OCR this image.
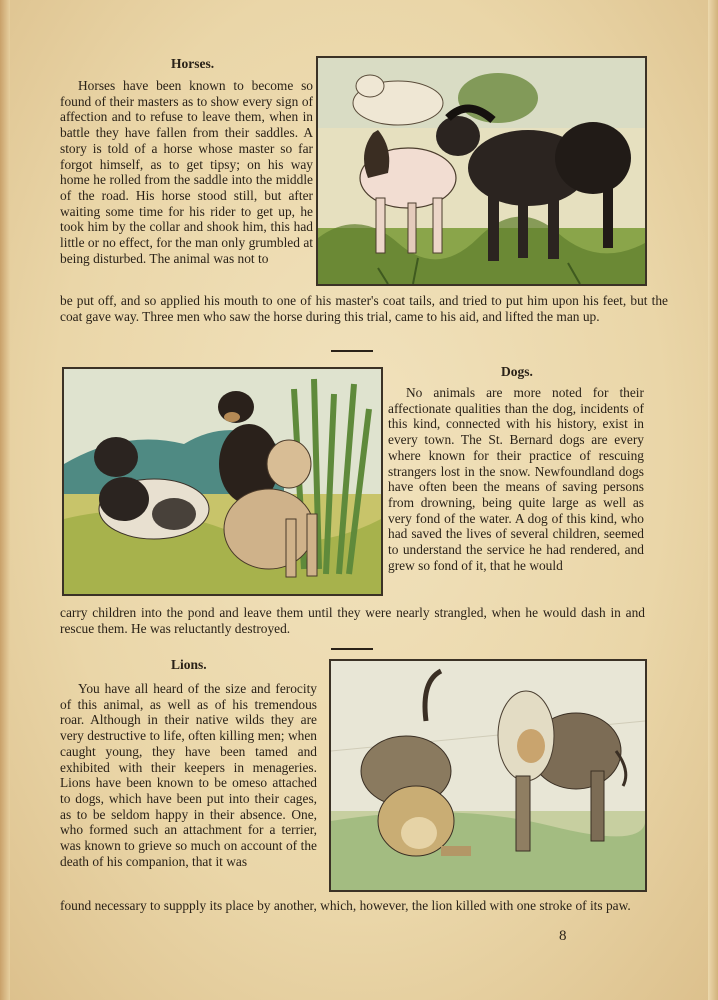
Horses.

Horses have been known to become so found of their masters as to show every sign of affection and to refuse to leave them, when in battle they have fallen from their saddles. A story is told of a horse whose master so far forgot himself, as to get tipsy; on his way home he rolled from the saddle into the middle of the road. His horse stood still, but after waiting some time for his rider to get up, he took him by the collar and shook him, this had little or no effect, for the man only grumbled at being disturbed. The animal was not to

be put off, and so applied his mouth to one of his master's coat tails, and tried to put him upon his feet, but the coat gave way. Three men who saw the horse during this trial, came to his aid, and lifted the man up.

Dogs.

No animals are more noted for their affectionate qualities than the dog, incidents of this kind, connected with his history, exist in every town. The St. Bernard dogs are every where known for their practice of rescuing strangers lost in the snow. Newfoundland dogs have often been the means of saving persons from drowning, being quite large as well as very fond of the water. A dog of this kind, who had saved the lives of several children, seemed to understand the service he had rendered, and grew so fond of it, that he would

carry children into the pond and leave them until they were nearly strangled, when he would dash in and rescue them. He was reluctantly destroyed.

Lions.

You have all heard of the size and ferocity of this animal, as well as of his tremendous roar. Although in their native wilds they are very destructive to life, often killing men; when caught young, they have been tamed and exhibited with their keepers in menageries. Lions have been known to be omeso attached to dogs, which have been put into their cages, as to be seldom happy in their absence. One, who formed such an attachment for a terrier, was known to grieve so much on account of the death of his companion, that it was

found necessary to suppply its place by another, which, however, the lion killed with one stroke of its paw.

8
